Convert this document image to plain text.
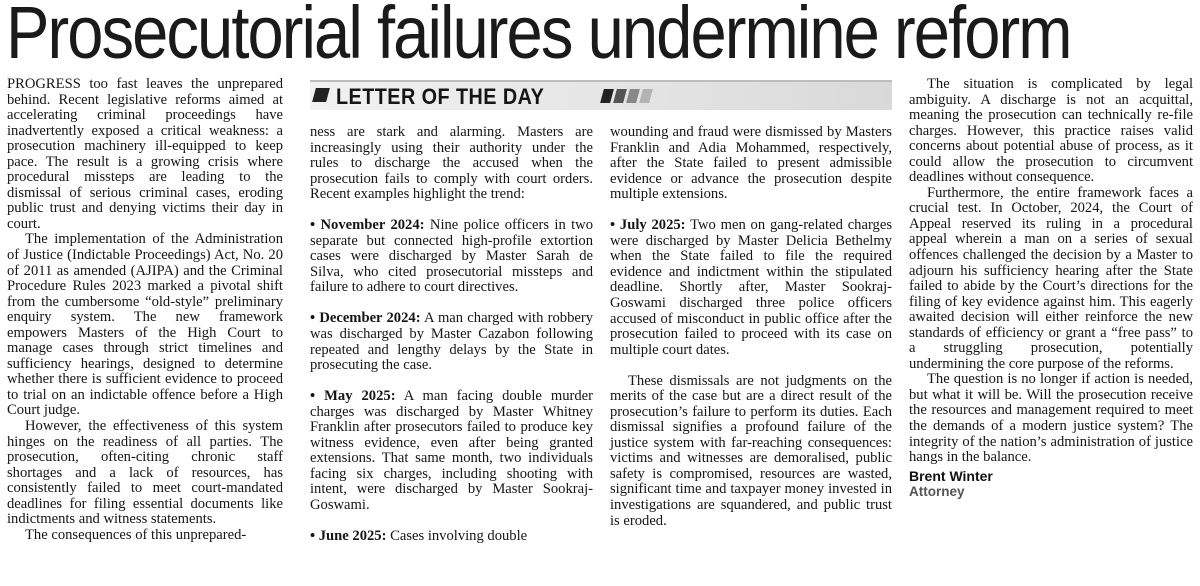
Prosecutorial failures undermine reform

PROGRESS too fast leaves the unprepared behind. Recent legislative reforms aimed at accelerating criminal proceedings have inadvertently exposed a critical weakness: a prosecution machinery ill-equipped to keep pace. The result is a growing crisis where procedural missteps are leading to the dismissal of serious criminal cases, eroding public trust and denying victims their day in court.

The implementation of the Administration of Justice (Indictable Proceedings) Act, No. 20 of 2011 as amended (AJIPA) and the Criminal Procedure Rules 2023 marked a pivotal shift from the cumbersome “old-style” preliminary enquiry system. The new framework empowers Masters of the High Court to manage cases through strict timelines and sufficiency hearings, designed to determine whether there is sufficient evidence to proceed to trial on an indictable offence before a High Court judge.

However, the effectiveness of this system hinges on the readiness of all parties. The prosecution, often-citing chronic staff shortages and a lack of resources, has consistently failed to meet court-mandated deadlines for filing essential documents like indictments and witness statements.

The consequences of this unprepared-

LETTER OF THE DAY

ness are stark and alarming. Masters are increasingly using their authority under the rules to discharge the accused when the prosecution fails to comply with court orders. Recent examples highlight the trend:

• November 2024: Nine police officers in two separate but connected high-profile extortion cases were discharged by Master Sarah de Silva, who cited prosecutorial missteps and failure to adhere to court directives.

• December 2024: A man charged with robbery was discharged by Master Cazabon following repeated and lengthy delays by the State in prosecuting the case.

• May 2025: A man facing double murder charges was discharged by Master Whitney Franklin after prosecutors failed to produce key witness evidence, even after being granted extensions. That same month, two individuals facing six charges, including shooting with intent, were discharged by Master Sookraj-Goswami.

• June 2025: Cases involving double

wounding and fraud were dismissed by Masters Franklin and Adia Mohammed, respectively, after the State failed to present admissible evidence or advance the prosecution despite multiple extensions.

• July 2025: Two men on gang-related charges were discharged by Master Delicia Bethelmy when the State failed to file the required evidence and indictment within the stipulated deadline. Shortly after, Master Sookraj-Goswami discharged three police officers accused of misconduct in public office after the prosecution failed to proceed with its case on multiple court dates.

These dismissals are not judgments on the merits of the case but are a direct result of the prosecution’s failure to perform its duties. Each dismissal signifies a profound failure of the justice system with far-reaching consequences: victims and witnesses are demoralised, public safety is compromised, resources are wasted, significant time and taxpayer money invested in investigations are squandered, and public trust is eroded.

The situation is complicated by legal ambiguity. A discharge is not an acquittal, meaning the prosecution can technically re-file charges. However, this practice raises valid concerns about potential abuse of process, as it could allow the prosecution to circumvent deadlines without consequence.

Furthermore, the entire framework faces a crucial test. In October, 2024, the Court of Appeal reserved its ruling in a procedural appeal wherein a man on a series of sexual offences challenged the decision by a Master to adjourn his sufficiency hearing after the State failed to abide by the Court’s directions for the filing of key evidence against him. This eagerly awaited decision will either reinforce the new standards of efficiency or grant a “free pass” to a struggling prosecution, potentially undermining the core purpose of the reforms.

The question is no longer if action is needed, but what it will be. Will the prosecution receive the resources and management required to meet the demands of a modern justice system? The integrity of the nation’s administration of justice hangs in the balance.

Brent Winter
Attorney
